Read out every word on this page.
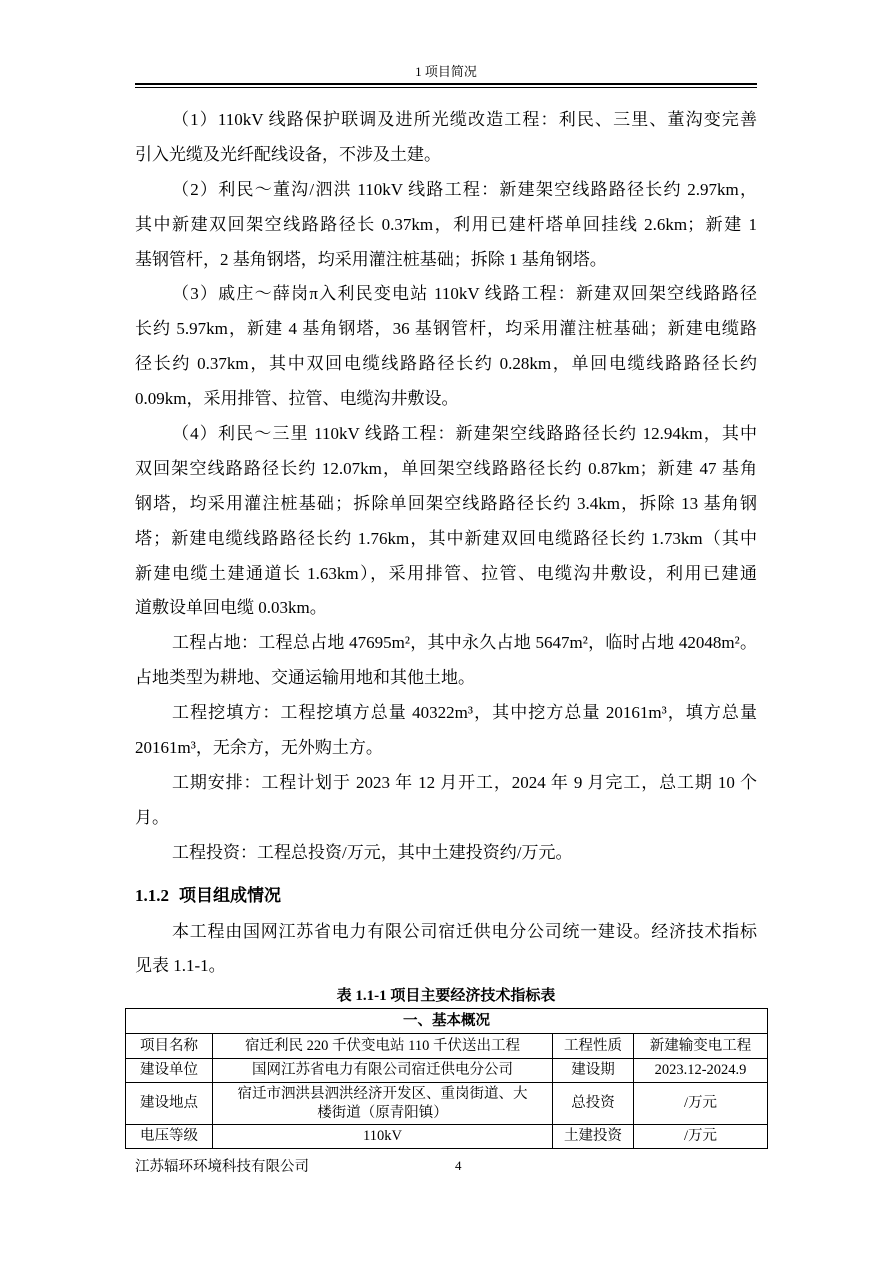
1 项目简况
（1）110kV 线路保护联调及进所光缆改造工程：利民、三里、董沟变完善
引入光缆及光纤配线设备，不涉及土建。
（2）利民～董沟/泗洪 110kV 线路工程：新建架空线路路径长约 2.97km，
其中新建双回架空线路路径长 0.37km，利用已建杆塔单回挂线 2.6km；新建 1
基钢管杆，2 基角钢塔，均采用灌注桩基础；拆除 1 基角钢塔。
（3）戚庄～薛岗π入利民变电站 110kV 线路工程：新建双回架空线路路径
长约 5.97km，新建 4 基角钢塔，36 基钢管杆，均采用灌注桩基础；新建电缆路
径长约 0.37km，其中双回电缆线路路径长约 0.28km，单回电缆线路路径长约
0.09km，采用排管、拉管、电缆沟井敷设。
（4）利民～三里 110kV 线路工程：新建架空线路路径长约 12.94km，其中
双回架空线路路径长约 12.07km，单回架空线路路径长约 0.87km；新建 47 基角
钢塔，均采用灌注桩基础；拆除单回架空线路路径长约 3.4km，拆除 13 基角钢
塔；新建电缆线路路径长约 1.76km，其中新建双回电缆路径长约 1.73km（其中
新建电缆土建通道长 1.63km），采用排管、拉管、电缆沟井敷设，利用已建通
道敷设单回电缆 0.03km。
工程占地：工程总占地 47695m²，其中永久占地 5647m²，临时占地 42048m²。
占地类型为耕地、交通运输用地和其他土地。
工程挖填方：工程挖填方总量 40322m³，其中挖方总量 20161m³，填方总量
20161m³，无余方，无外购土方。
工期安排：工程计划于 2023 年 12 月开工，2024 年 9 月完工，总工期 10 个
月。
工程投资：工程总投资/万元，其中土建投资约/万元。
1.1.2 项目组成情况
本工程由国网江苏省电力有限公司宿迁供电分公司统一建设。经济技术指标
见表 1.1-1。
表 1.1-1 项目主要经济技术指标表
一、基本概况			
项目名称	宿迁利民 220 千伏变电站 110 千伏送出工程	工程性质	新建输变电工程
建设单位	国网江苏省电力有限公司宿迁供电分公司	建设期	2023.12-2024.9
建设地点	宿迁市泗洪县泗洪经济开发区、重岗街道、大楼街道（原青阳镇）	总投资	/万元
电压等级	110kV	土建投资	/万元
江苏辐环环境科技有限公司	4
